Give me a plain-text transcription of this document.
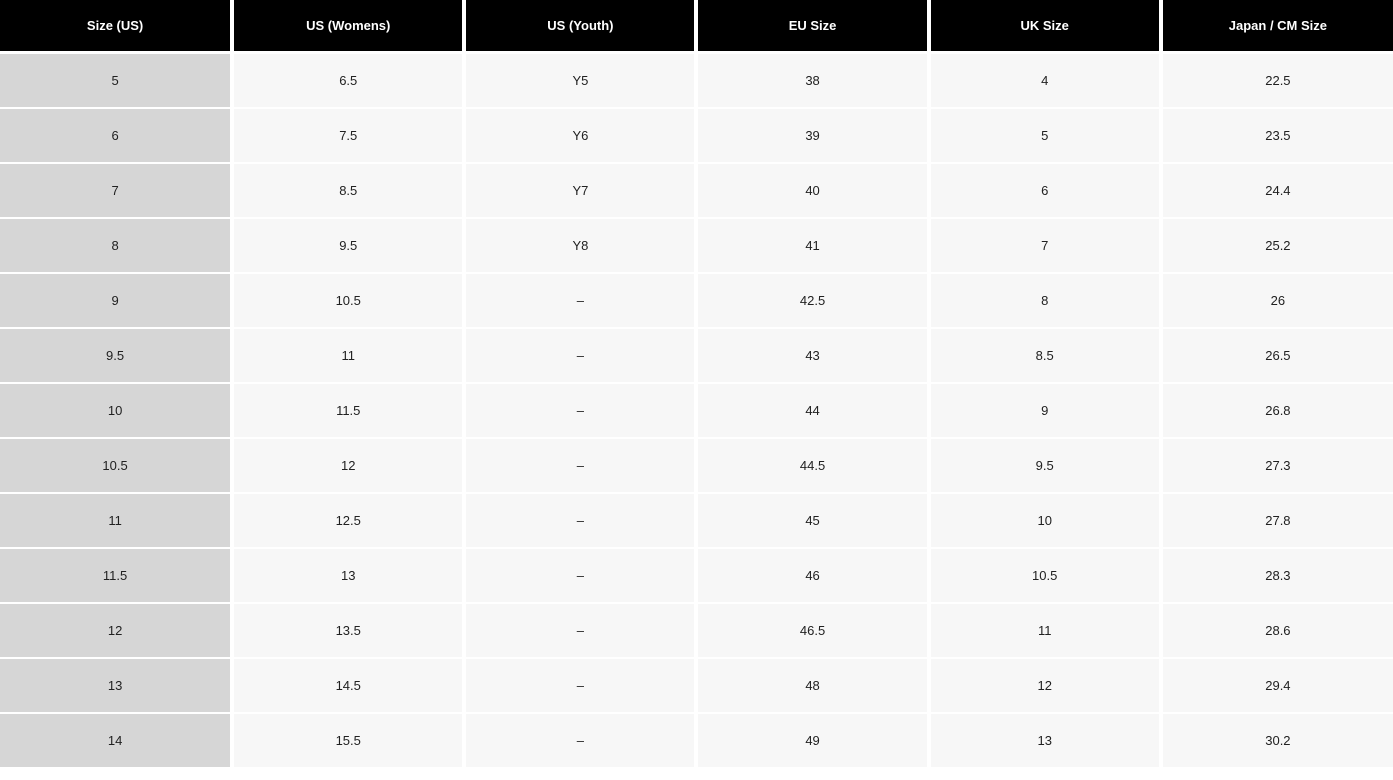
Size (US)	US (Womens)	US (Youth)	EU Size	UK Size	Japan / CM Size
5	6.5	Y5	38	4	22.5
6	7.5	Y6	39	5	23.5
7	8.5	Y7	40	6	24.4
8	9.5	Y8	41	7	25.2
9	10.5	–	42.5	8	26
9.5	11	–	43	8.5	26.5
10	11.5	–	44	9	26.8
10.5	12	–	44.5	9.5	27.3
11	12.5	–	45	10	27.8
11.5	13	–	46	10.5	28.3
12	13.5	–	46.5	11	28.6
13	14.5	–	48	12	29.4
14	15.5	–	49	13	30.2
